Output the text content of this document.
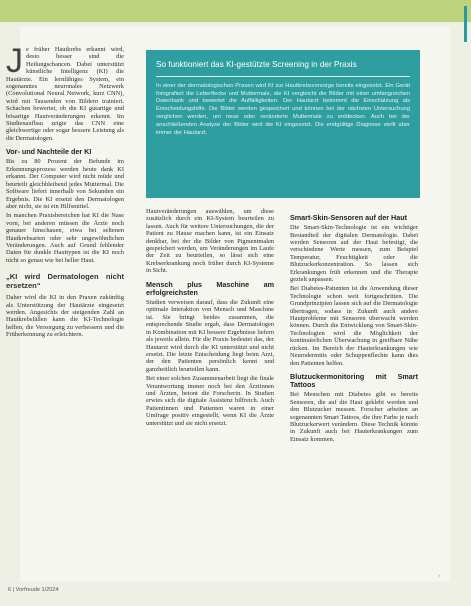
J e früher Hautkrebs erkannt wird, desto besser sind die Heilungschancen. Dabei unterstützt künstliche Intelligenz (KI) die Hautärzte. Ein lernfähiges System, ein sogenanntes neuronales Netzwerk (Convolutional Neural Network, kurz CNN), wird mit Tausenden von Bildern trainiert. Schachen bewertet, ob die KI gutartige und bösartige Hautveränderungen erkennt. Im Studienaufbau zeigte das CNN eine gleichwertige oder sogar bessere Leistung als die Dermatologen.

Vor- und Nachteile der KI

Bis zu 80 Prozent der Befunde im Erkennungsprozess werden heute dank KI erkannt. Der Computer wird nicht müde und beurteilt gleichbleibend jedes Muttermal. Die Software liefert innerhalb von Sekunden ein Ergebnis. Die KI ersetzt den Dermatologen aber nicht, sie ist ein Hilfsmittel.

In manchen Praxisbereichen hat KI die Nase vorn, bei anderen müssen die Ärzte noch genauer hinschauen, etwa bei seltenen Hautkrebsarten oder sehr ungewöhnlichen Veränderungen. Auch auf Grund fehlender Daten für dunkle Hauttypen ist die KI noch nicht so genau wie bei heller Haut.

„KI wird Dermatologen nicht ersetzen“

Daher wird die KI in den Praxen zukünftig als Unterstützung der Hautärzte eingesetzt werden. Angesichts der steigenden Zahl an Hautkrebsfällen kann die KI-Technologie helfen, die Versorgung zu verbessern und die Früherkennung zu erleichtern.

So funktioniert das KI-gestützte Screening in der Praxis
In einer der dermatologischen Praxen wird KI zur Hautkrebsvorsorge bereits eingesetzt. Ein Gerät fotografiert die Leberflecke und Muttermale, die KI vergleicht die Bilder mit einer umfangreichen Datenbank und bewertet die Auffälligkeiten. Der Hautarzt bekommt die Einschätzung als Entscheidungshilfe. Die Bilder werden gespeichert und können bei der nächsten Untersuchung verglichen werden, um neue oder veränderte Muttermale zu entdecken. Auch bei der anschließenden Analyse der Bilder wird die KI eingesetzt. Die endgültige Diagnose stellt aber immer der Hautarzt.

Hautveränderungen auswählen, um diese zusätzlich durch ein KI-System beurteilen zu lassen. Auch für weitere Untersuchungen, die der Patient zu Hause machen kann, ist ein Einsatz denkbar, bei der die Bilder von Pigmentmalen gespeichert werden, um Veränderungen im Laufe der Zeit zu beurteilen, so lässt sich eine Krebserkrankung noch früher durch KI-Systeme in Sicht.

Mensch plus Maschine am erfolgreichsten

Studien verweisen darauf, dass die Zukunft eine optimale Interaktion von Mensch und Maschine ist. Sie bringt beides zusammen, die entsprechende Studie ergab, dass Dermatologen in Kombination mit KI bessere Ergebnisse liefern als jeweils allein. Für die Praxis bedeutet das, der Hautarzt wird durch die KI unterstützt und nicht ersetzt. Die letzte Entscheidung liegt beim Arzt, der den Patienten persönlich kennt und ganzheitlich beurteilen kann.

Bei einer solchen Zusammenarbeit liegt die finale Verantwortung immer noch bei den Ärztinnen und Ärzten, betont die Forscherin. In Studien erwies sich die digitale Assistenz hilfreich. Auch Patientinnen und Patienten waren in einer Umfrage positiv eingestellt, wenn KI die Ärzte unterstützt und sie nicht ersetzt.

Smart-Skin-Sensoren auf der Haut

Die Smart-Skin-Technologie ist ein wichtiger Bestandteil der digitalen Dermatologie. Dabei werden Sensoren auf der Haut befestigt, die verschiedene Werte messen, zum Beispiel Temperatur, Feuchtigkeit oder die Blutzuckerkonzentration. So lassen sich Erkrankungen früh erkennen und die Therapie gezielt anpassen.

Bei Diabetes-Patienten ist die Anwendung dieser Technologie schon weit fortgeschritten. Die Grundprinzipien lassen sich auf die Dermatologie übertragen, sodass in Zukunft auch andere Hautprobleme mit Sensoren überwacht werden können. Durch die Entwicklung von Smart-Skin-Technologien wird die Möglichkeit der kontinuierlichen Überwachung in greifbare Nähe rücken. Im Bereich der Hauterkrankungen wie Neurodermitis oder Schuppenflechte kann dies den Patienten helfen.

Blutzuckermonitoring mit Smart Tattoos

Bei Menschen mit Diabetes gibt es bereits Sensoren, die auf die Haut geklebt werden und den Blutzucker messen. Forscher arbeiten an sogenannten Smart Tattoos, die ihre Farbe je nach Blutzuckerwert verändern. Diese Technik könnte in Zukunft auch bei Hauterkrankungen zum Einsatz kommen.

6 | Vorfreude 1/2024
›
